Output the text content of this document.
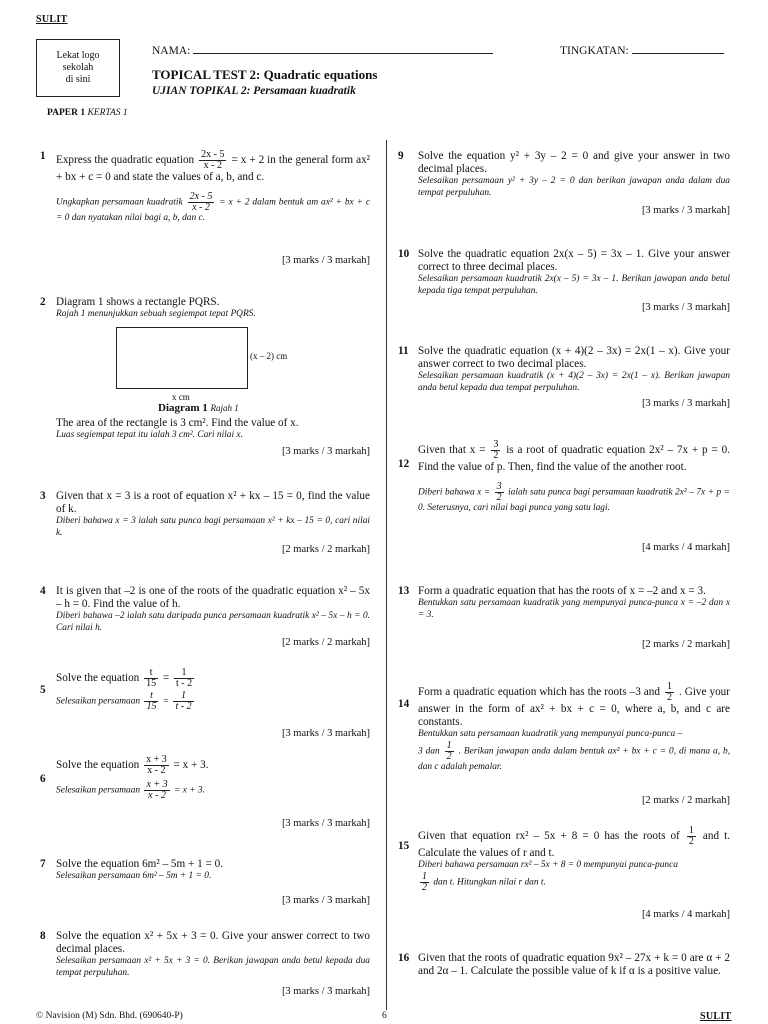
SULIT
Lekat logo
sekolah
di sini
NAMA:	TINGKATAN:
TOPICAL TEST 2: Quadratic equations
UJIAN TOPIKAL 2: Persamaan kuadratik
PAPER 1 KERTAS 1
1 Express the quadratic equation $\frac{2x - 5}{x - 2} = x + 2$ in the general form ax² + bx + c = 0 and state the values of a, b, and c.
Ungkapkan persamaan kuadratik $\frac{2x - 5}{x - 2} = x + 2$ dalam bentuk am ax² + bx + c = 0 dan nyatakan nilai bagi a, b, dan c.
[3 marks / 3 markah]
2 Diagram 1 shows a rectangle PQRS.
Rajah 1 menunjukkan sebuah segiempat tepat PQRS.
(x – 2) cm
x cm
Diagram 1 Rajah 1
The area of the rectangle is 3 cm². Find the value of x.
Luas segiempat tepat itu ialah 3 cm². Cari nilai x.
[3 marks / 3 markah]
3 Given that x = 3 is a root of equation x² + kx – 15 = 0, find the value of k.
Diberi bahawa x = 3 ialah satu punca bagi persamaan x² + kx – 15 = 0, cari nilai k.
[2 marks / 2 markah]
4 It is given that –2 is one of the roots of the quadratic equation x² – 5x – h = 0. Find the value of h.
Diberi bahawa –2 ialah satu daripada punca persamaan kuadratik x² – 5x – h = 0. Cari nilai h.
[2 marks / 2 markah]
5
Solve the equation $\frac{t}{15} = \frac{1}{t - 2}$
Selesaikan persamaan $\frac{t}{15} = \frac{1}{t - 2}$
[3 marks / 3 markah]
6
Solve the equation $\frac{x + 3}{x - 2} = x + 3$.
Selesaikan persamaan $\frac{x + 3}{x - 2} = x + 3$.
[3 marks / 3 markah]
7 Solve the equation 6m² – 5m + 1 = 0.
Selesaikan persamaan 6m² – 5m + 1 = 0.
[3 marks / 3 markah]
8 Solve the equation x² + 5x + 3 = 0. Give your answer correct to two decimal places.
Selesaikan persamaan x² + 5x + 3 = 0. Berikan jawapan anda betul kepada dua tempat perpuluhan.
[3 marks / 3 markah]
9 Solve the equation y² + 3y – 2 = 0 and give your answer in two decimal places.
Selesaikan persamaan y² + 3y – 2 = 0 dan berikan jawapan anda dalam dua tempat perpuluhan.
[3 marks / 3 markah]
10 Solve the quadratic equation 2x(x – 5) = 3x – 1. Give your answer correct to three decimal places.
Selesaikan persamaan kuadratik 2x(x – 5) = 3x – 1. Berikan jawapan anda betul kepada tiga tempat perpuluhan.
[3 marks / 3 markah]
11 Solve the quadratic equation (x + 4)(2 – 3x) = 2x(1 – x). Give your answer correct to two decimal places.
Selesaikan persamaan kuadratik (x + 4)(2 – 3x) = 2x(1 – x). Berikan jawapan anda betul kepada dua tempat perpuluhan.
[3 marks / 3 markah]
12
Given that $x = \frac{3}{2}$ is a root of quadratic equation 2x² – 7x + p = 0. Find the value of p. Then, find the value of the another root.
Diberi bahawa $x = \frac{3}{2}$ ialah satu punca bagi persamaan kuadratik 2x² – 7x + p = 0. Seterusnya, cari nilai bagi punca yang satu lagi.
[4 marks / 4 markah]
13 Form a quadratic equation that has the roots of x = –2 and x = 3.
Bentukkan satu persamaan kuadratik yang mempunyai punca-punca x = –2 dan x = 3.
[2 marks / 2 markah]
14
Form a quadratic equation which has the roots –3 and $\frac{1}{2}$ . Give your answer in the form of ax² + bx + c = 0, where a, b, and c are constants.
Bentukkan satu persamaan kuadratik yang mempunyai punca-punca –
3 dan $\frac{1}{2}$ . Berikan jawapan anda dalam bentuk ax² + bx + c = 0, di mana a, b, dan c adalah pemalar.
[2 marks / 2 markah]
15
Given that equation rx² – 5x + 8 = 0 has the roots of $\frac{1}{2}$ and t. Calculate the values of r and t.
Diberi bahawa persamaan rx² – 5x + 8 = 0 mempunyai punca-punca

$\frac{1}{2}$ dan t. Hitungkan nilai r dan t.
[4 marks / 4 markah]
16 Given that the roots of quadratic equation 9x² – 27x + k = 0 are α + 2 and 2α – 1. Calculate the possible value of k if α is a positive value.
© Navision (M) Sdn. Bhd. (690640-P)	6	SULIT
